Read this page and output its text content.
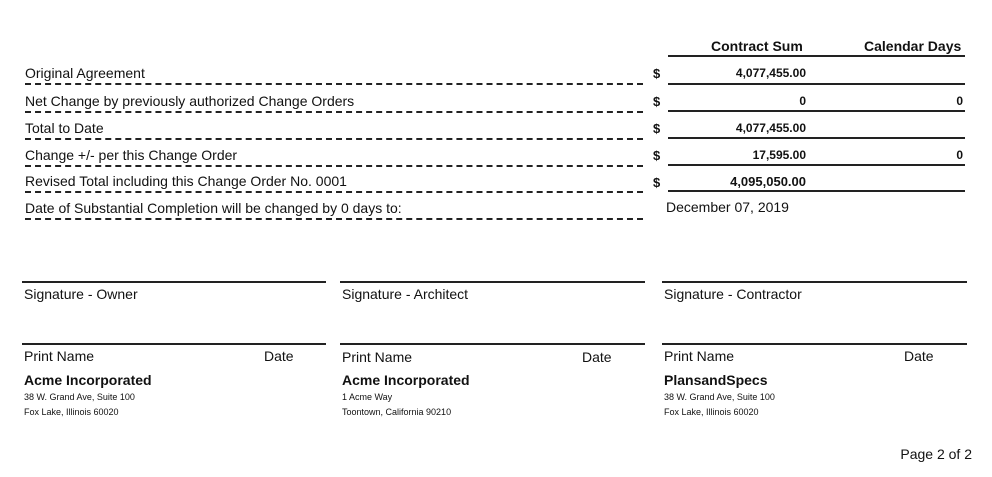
Contract Sum	Calendar Days
Original Agreement	$	4,077,455.00
Net Change by previously authorized Change Orders	$	0	0
Total to Date	$	4,077,455.00
Change +/- per this Change Order	$	17,595.00	0
Revised Total including this Change Order No. 0001	$	4,095,050.00
Date of Substantial Completion will be changed by 0 days to:	December 07, 2019
Signature - Owner
Print Name	Date
Acme Incorporated
38 W. Grand Ave, Suite 100
Fox Lake, Illinois 60020
Signature - Architect
Print Name	Date
Acme Incorporated
1 Acme Way
Toontown, California 90210
Signature - Contractor
Print Name	Date
PlansandSpecs
38 W. Grand Ave, Suite 100
Fox Lake, Illinois 60020
Page 2 of 2
